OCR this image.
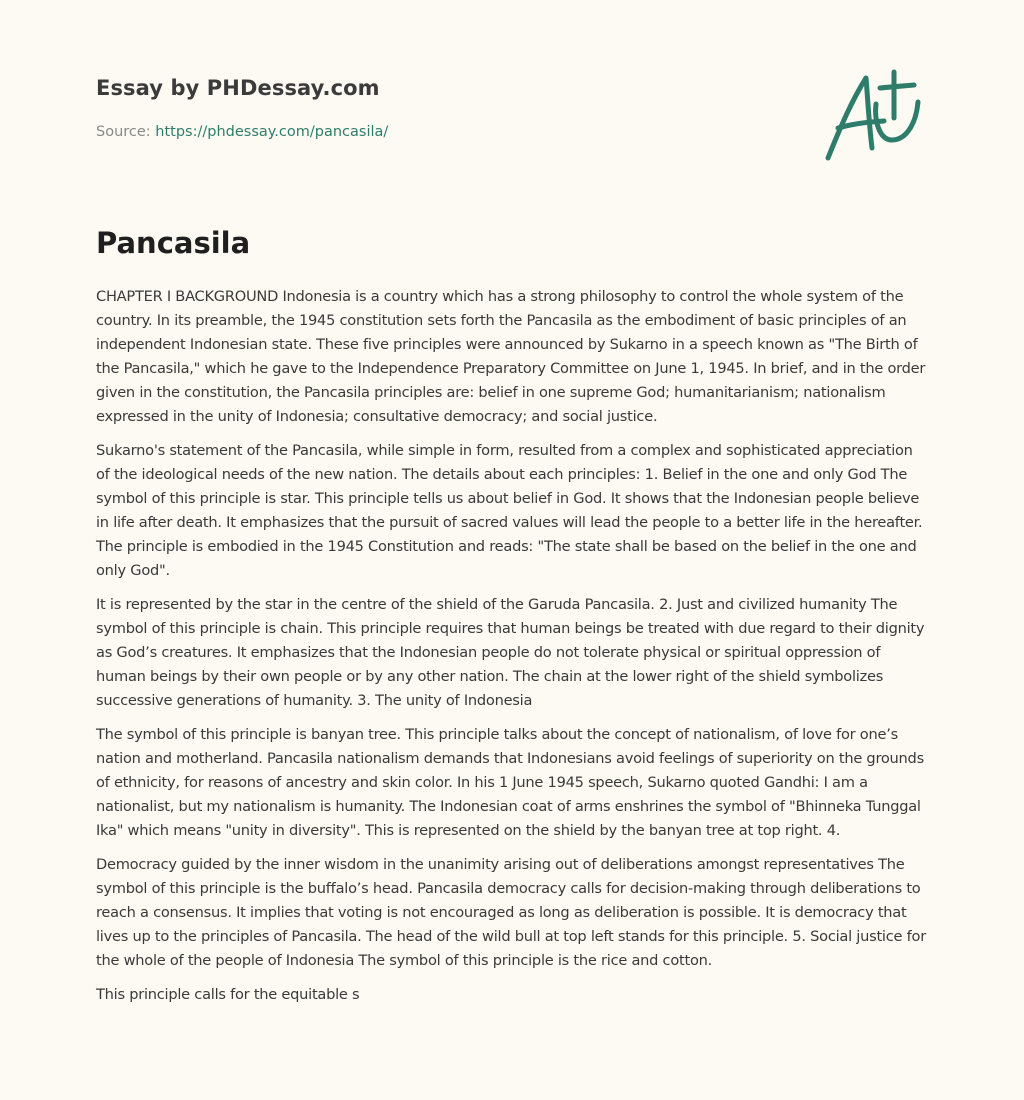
Essay by PHDessay.com
Source: https://phdessay.com/pancasila/
Pancasila

CHAPTER I BACKGROUND Indonesia is a country which has a strong philosophy to control the whole system of the country. In its preamble, the 1945 constitution sets forth the Pancasila as the embodiment of basic principles of an independent Indonesian state. These five principles were announced by Sukarno in a speech known as "The Birth of the Pancasila," which he gave to the Independence Preparatory Committee on June 1, 1945. In brief, and in the order given in the constitution, the Pancasila principles are: belief in one supreme God; humanitarianism; nationalism expressed in the unity of Indonesia; consultative democracy; and social justice.

Sukarno's statement of the Pancasila, while simple in form, resulted from a complex and sophisticated appreciation of the ideological needs of the new nation. The details about each principles: 1. Belief in the one and only God The symbol of this principle is star. This principle tells us about belief in God. It shows that the Indonesian people believe in life after death. It emphasizes that the pursuit of sacred values will lead the people to a better life in the hereafter. The principle is embodied in the 1945 Constitution and reads: "The state shall be based on the belief in the one and only God".

It is represented by the star in the centre of the shield of the Garuda Pancasila. 2. Just and civilized humanity The symbol of this principle is chain. This principle requires that human beings be treated with due regard to their dignity as God’s creatures. It emphasizes that the Indonesian people do not tolerate physical or spiritual oppression of human beings by their own people or by any other nation. The chain at the lower right of the shield symbolizes successive generations of humanity. 3. The unity of Indonesia

The symbol of this principle is banyan tree. This principle talks about the concept of nationalism, of love for one’s nation and motherland. Pancasila nationalism demands that Indonesians avoid feelings of superiority on the grounds of ethnicity, for reasons of ancestry and skin color. In his 1 June 1945 speech, Sukarno quoted Gandhi: I am a nationalist, but my nationalism is humanity. The Indonesian coat of arms enshrines the symbol of "Bhinneka Tunggal Ika" which means "unity in diversity". This is represented on the shield by the banyan tree at top right. 4.

Democracy guided by the inner wisdom in the unanimity arising out of deliberations amongst representatives The symbol of this principle is the buffalo’s head. Pancasila democracy calls for decision-making through deliberations to reach a consensus. It implies that voting is not encouraged as long as deliberation is possible. It is democracy that lives up to the principles of Pancasila. The head of the wild bull at top left stands for this principle. 5. Social justice for the whole of the people of Indonesia The symbol of this principle is the rice and cotton.

This principle calls for the equitable s
